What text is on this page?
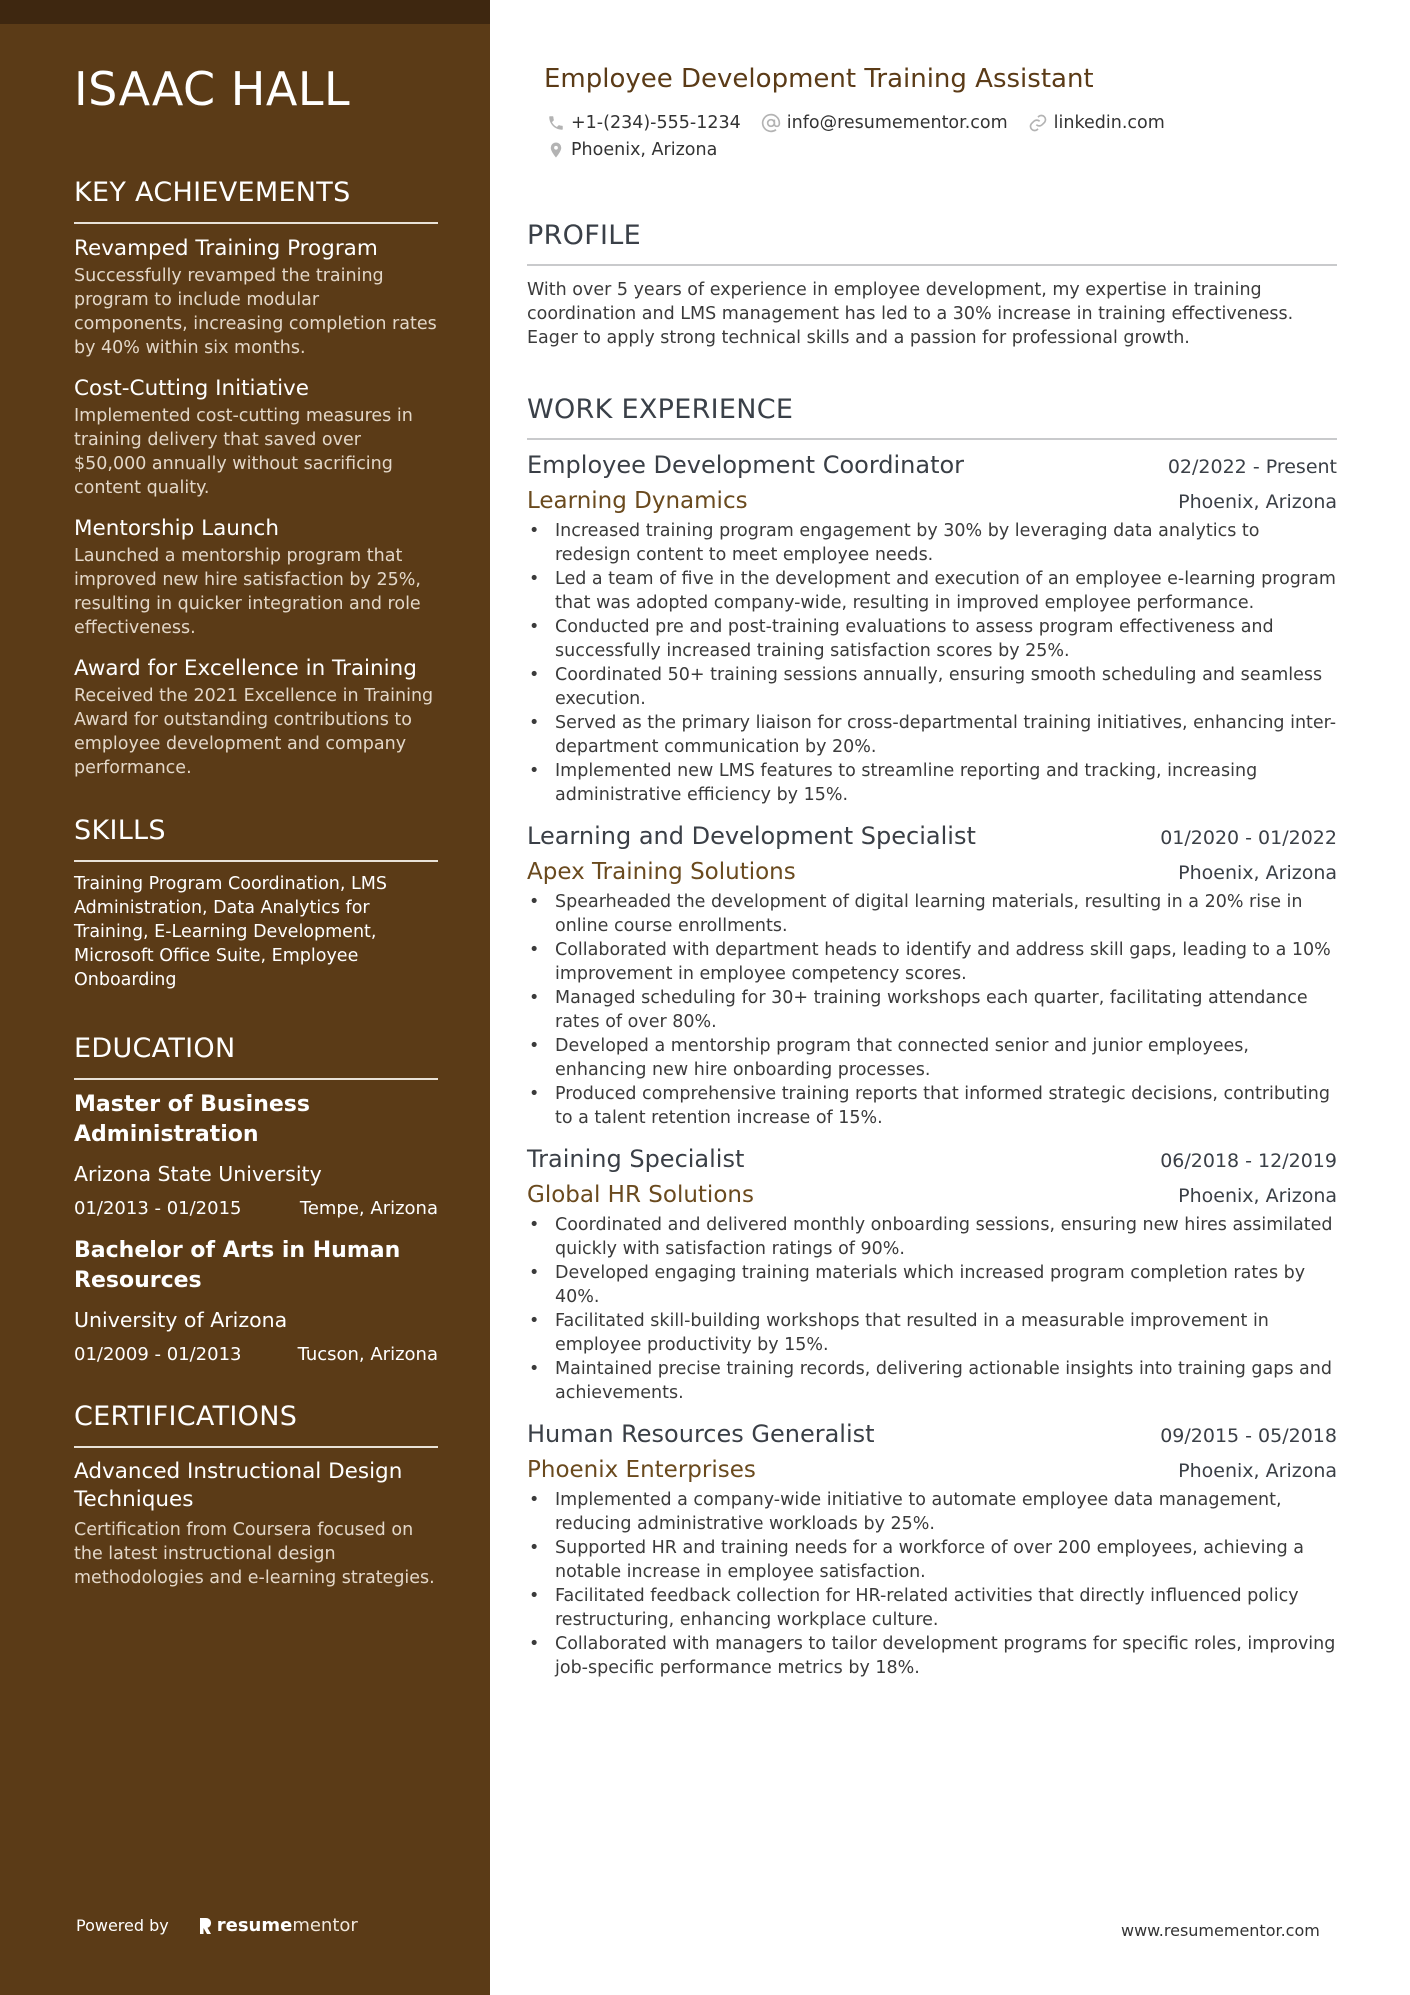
ISAAC HALL
KEY ACHIEVEMENTS
Revamped Training Program
Successfully revamped the training program to include modular components, increasing completion rates by 40% within six months.
Cost-Cutting Initiative
Implemented cost-cutting measures in training delivery that saved over $50,000 annually without sacrificing content quality.
Mentorship Launch
Launched a mentorship program that improved new hire satisfaction by 25%, resulting in quicker integration and role effectiveness.
Award for Excellence in Training
Received the 2021 Excellence in Training Award for outstanding contributions to employee development and company performance.
SKILLS
Training Program Coordination, LMS Administration, Data Analytics for Training, E-Learning Development, Microsoft Office Suite, Employee Onboarding
EDUCATION
Master of Business Administration
Arizona State University
01/2013 - 01/2015	Tempe, Arizona
Bachelor of Arts in Human Resources
University of Arizona
01/2009 - 01/2013	Tucson, Arizona
CERTIFICATIONS
Advanced Instructional Design Techniques
Certification from Coursera focused on the latest instructional design methodologies and e-learning strategies.
Powered by	resume mentor
Employee Development Training Assistant
+1-(234)-555-1234	info@resumementor.com	linkedin.com
Phoenix, Arizona
PROFILE
With over 5 years of experience in employee development, my expertise in training coordination and LMS management has led to a 30% increase in training effectiveness. Eager to apply strong technical skills and a passion for professional growth.
WORK EXPERIENCE
Employee Development Coordinator	02/2022 - Present
Learning Dynamics	Phoenix, Arizona
• Increased training program engagement by 30% by leveraging data analytics to redesign content to meet employee needs.
• Led a team of five in the development and execution of an employee e-learning program that was adopted company-wide, resulting in improved employee performance.
• Conducted pre and post-training evaluations to assess program effectiveness and successfully increased training satisfaction scores by 25%.
• Coordinated 50+ training sessions annually, ensuring smooth scheduling and seamless execution.
• Served as the primary liaison for cross-departmental training initiatives, enhancing inter-department communication by 20%.
• Implemented new LMS features to streamline reporting and tracking, increasing administrative efficiency by 15%.
Learning and Development Specialist	01/2020 - 01/2022
Apex Training Solutions	Phoenix, Arizona
• Spearheaded the development of digital learning materials, resulting in a 20% rise in online course enrollments.
• Collaborated with department heads to identify and address skill gaps, leading to a 10% improvement in employee competency scores.
• Managed scheduling for 30+ training workshops each quarter, facilitating attendance rates of over 80%.
• Developed a mentorship program that connected senior and junior employees, enhancing new hire onboarding processes.
• Produced comprehensive training reports that informed strategic decisions, contributing to a talent retention increase of 15%.
Training Specialist	06/2018 - 12/2019
Global HR Solutions	Phoenix, Arizona
• Coordinated and delivered monthly onboarding sessions, ensuring new hires assimilated quickly with satisfaction ratings of 90%.
• Developed engaging training materials which increased program completion rates by 40%.
• Facilitated skill-building workshops that resulted in a measurable improvement in employee productivity by 15%.
• Maintained precise training records, delivering actionable insights into training gaps and achievements.
Human Resources Generalist	09/2015 - 05/2018
Phoenix Enterprises	Phoenix, Arizona
• Implemented a company-wide initiative to automate employee data management, reducing administrative workloads by 25%.
• Supported HR and training needs for a workforce of over 200 employees, achieving a notable increase in employee satisfaction.
• Facilitated feedback collection for HR-related activities that directly influenced policy restructuring, enhancing workplace culture.
• Collaborated with managers to tailor development programs for specific roles, improving job-specific performance metrics by 18%.
www.resumementor.com
